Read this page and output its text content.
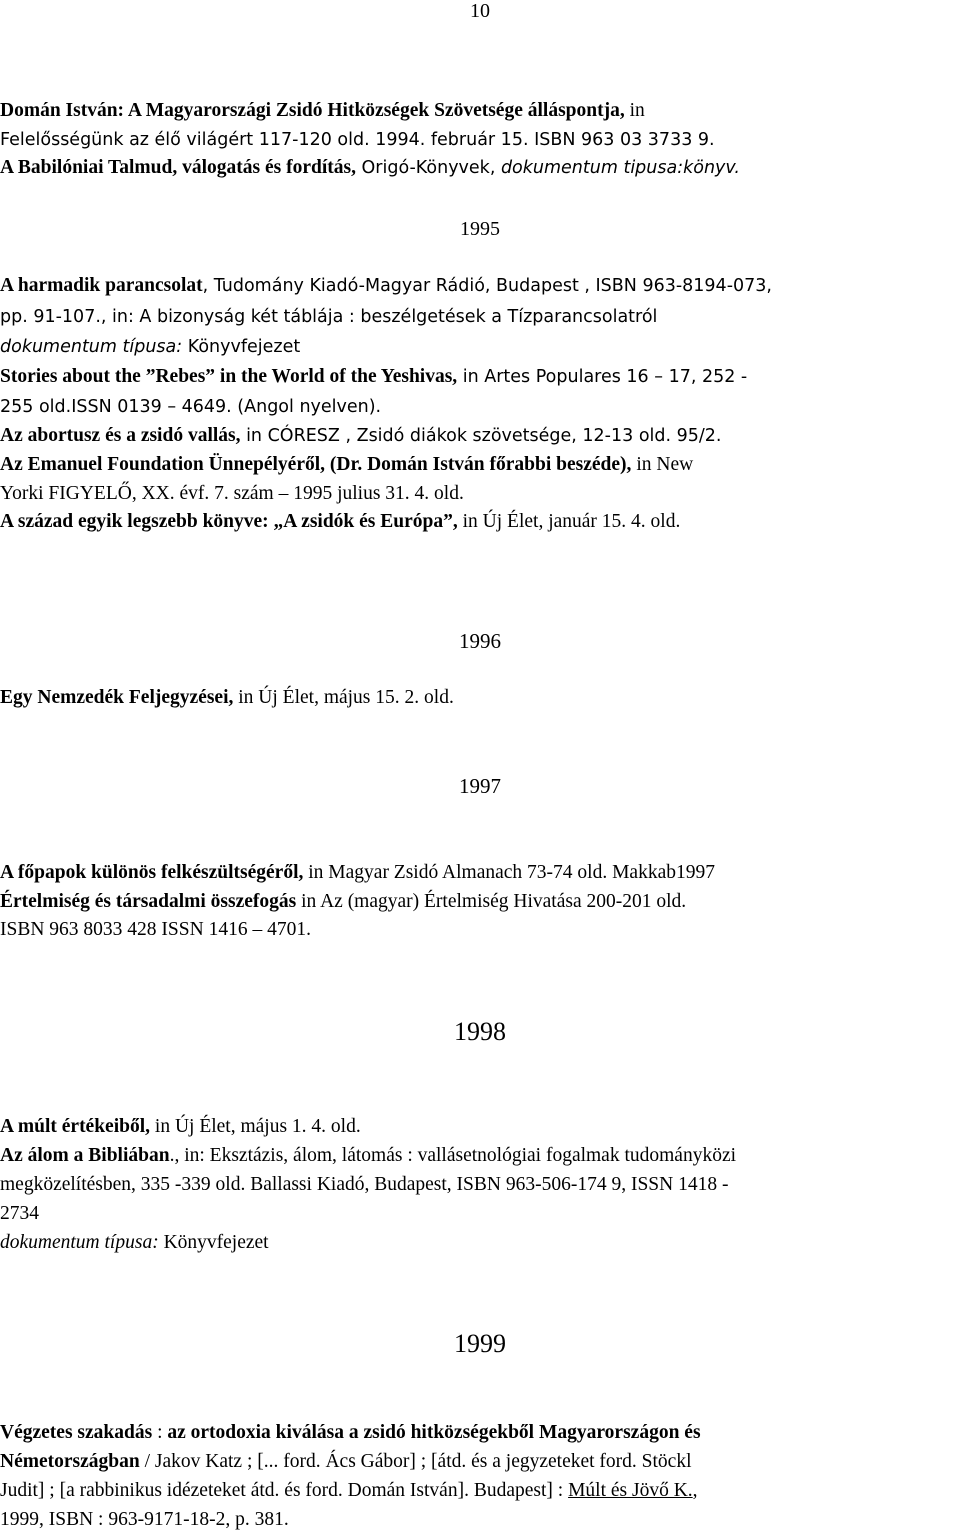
10
Domán István: A Magyarországi Zsidó Hitközségek Szövetsége álláspontja, in
Felelősségünk az élő világért 117-120 old. 1994. február 15. ISBN 963 03 3733 9.
A Babilóniai Talmud, válogatás és fordítás, Origó-Könyvek, dokumentum tipusa:könyv.
1995
A harmadik parancsolat, Tudomány Kiadó-Magyar Rádió, Budapest , ISBN 963-8194-073,
pp. 91-107., in: A bizonyság két táblája : beszélgetések a Tízparancsolatról
dokumentum típusa: Könyvfejezet
Stories about the ”Rebes” in the World of the Yeshivas, in Artes Populares 16 – 17, 252 -
255 old.ISSN 0139 – 4649. (Angol nyelven).
Az abortusz és a zsidó vallás, in CÓRESZ , Zsidó diákok szövetsége, 12-13 old. 95/2.
Az Emanuel Foundation Ünnepélyéről, (Dr. Domán István főrabbi beszéde), in New
Yorki FIGYELŐ, XX. évf. 7. szám – 1995 julius 31. 4. old.
A század egyik legszebb könyve: „A zsidók és Európa”, in Új Élet, január 15. 4. old.
1996
Egy Nemzedék Feljegyzései, in Új Élet, május 15. 2. old.
1997
A főpapok különös felkészültségéről, in Magyar Zsidó Almanach 73-74 old. Makkab1997
Értelmiség és társadalmi összefogás in Az (magyar) Értelmiség Hivatása 200-201 old.
ISBN 963 8033 428 ISSN 1416 – 4701.
1998
A múlt értékeiből, in Új Élet, május 1. 4. old.
Az álom a Bibliában., in: Eksztázis, álom, látomás : vallásetnológiai fogalmak tudományközi
megközelítésben, 335 -339 old. Ballassi Kiadó, Budapest, ISBN 963-506-174 9, ISSN 1418 -
2734
dokumentum típusa: Könyvfejezet
1999
Végzetes szakadás : az ortodoxia kiválása a zsidó hitközségekből Magyarországon és
Németországban / Jakov Katz ; [... ford. Ács Gábor] ; [átd. és a jegyzeteket ford. Stöckl
Judit] ; [a rabbinikus idézeteket átd. és ford. Domán István]. Budapest] : Múlt és Jövő K.,
1999, ISBN : 963-9171-18-2, p. 381.
